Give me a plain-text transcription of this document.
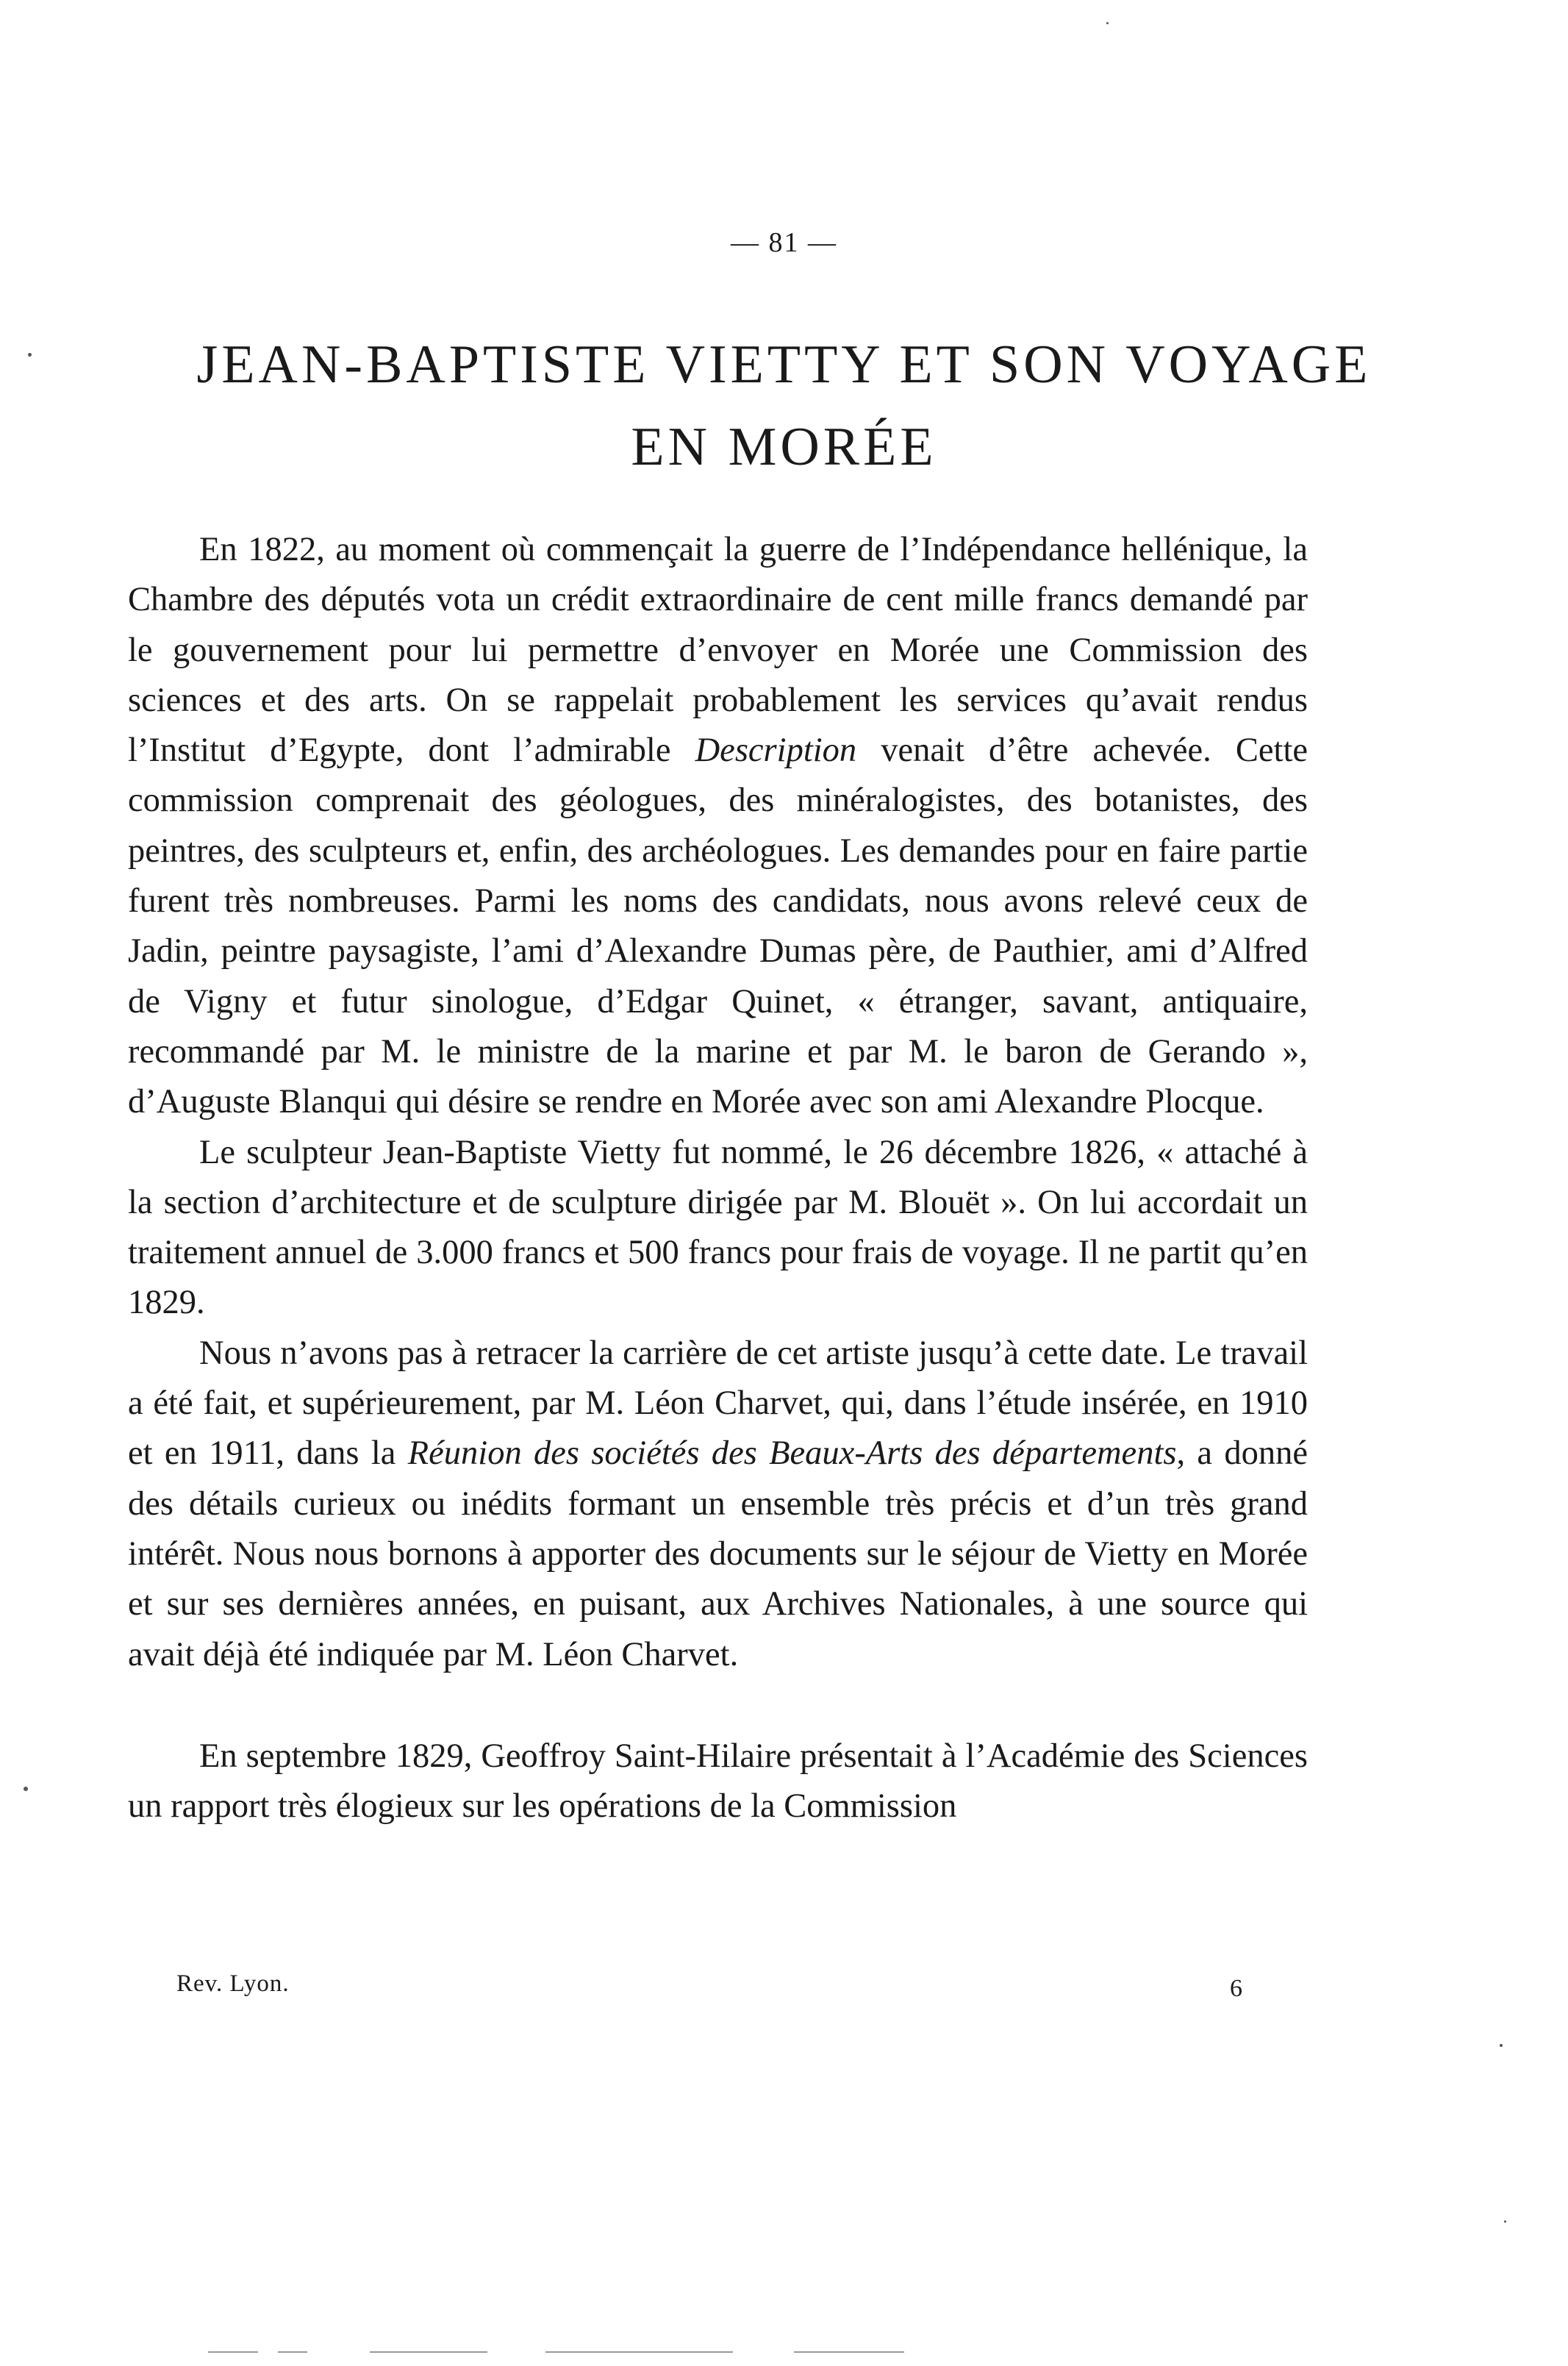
— 81 —
JEAN-BAPTISTE VIETTY ET SON VOYAGE
EN MORÉE

En 1822, au moment où commençait la guerre de l’Indépendance hellénique, la Chambre des députés vota un crédit extraordinaire de cent mille francs demandé par le gouvernement pour lui permettre d’envoyer en Morée une Commission des sciences et des arts. On se rappelait probablement les services qu’avait rendus l’Institut d’Egypte, dont l’admirable Description venait d’être achevée. Cette commission comprenait des géologues, des minéralogistes, des botanistes, des peintres, des sculpteurs et, enfin, des archéologues. Les demandes pour en faire partie furent très nombreuses. Parmi les noms des candidats, nous avons relevé ceux de Jadin, peintre paysagiste, l’ami d’Alexandre Dumas père, de Pauthier, ami d’Alfred de Vigny et futur sinologue, d’Edgar Quinet, « étranger, savant, antiquaire, recommandé par M. le ministre de la marine et par M. le baron de Gerando », d’Auguste Blanqui qui désire se rendre en Morée avec son ami Alexandre Plocque.

Le sculpteur Jean-Baptiste Vietty fut nommé, le 26 décembre 1826, « attaché à la section d’architecture et de sculpture dirigée par M. Blouët ». On lui accordait un traitement annuel de 3.000 francs et 500 francs pour frais de voyage. Il ne partit qu’en 1829.

Nous n’avons pas à retracer la carrière de cet artiste jusqu’à cette date. Le travail a été fait, et supérieurement, par M. Léon Charvet, qui, dans l’étude insérée, en 1910 et en 1911, dans la Réunion des sociétés des Beaux-Arts des départements, a donné des détails curieux ou inédits formant un ensemble très précis et d’un très grand intérêt. Nous nous bornons à apporter des documents sur le séjour de Vietty en Morée et sur ses dernières années, en puisant, aux Archives Nationales, à une source qui avait déjà été indiquée par M. Léon Charvet.

En septembre 1829, Geoffroy Saint-Hilaire présentait à l’Académie des Sciences un rapport très élogieux sur les opérations de la Commission

Rev. Lyon.	6
